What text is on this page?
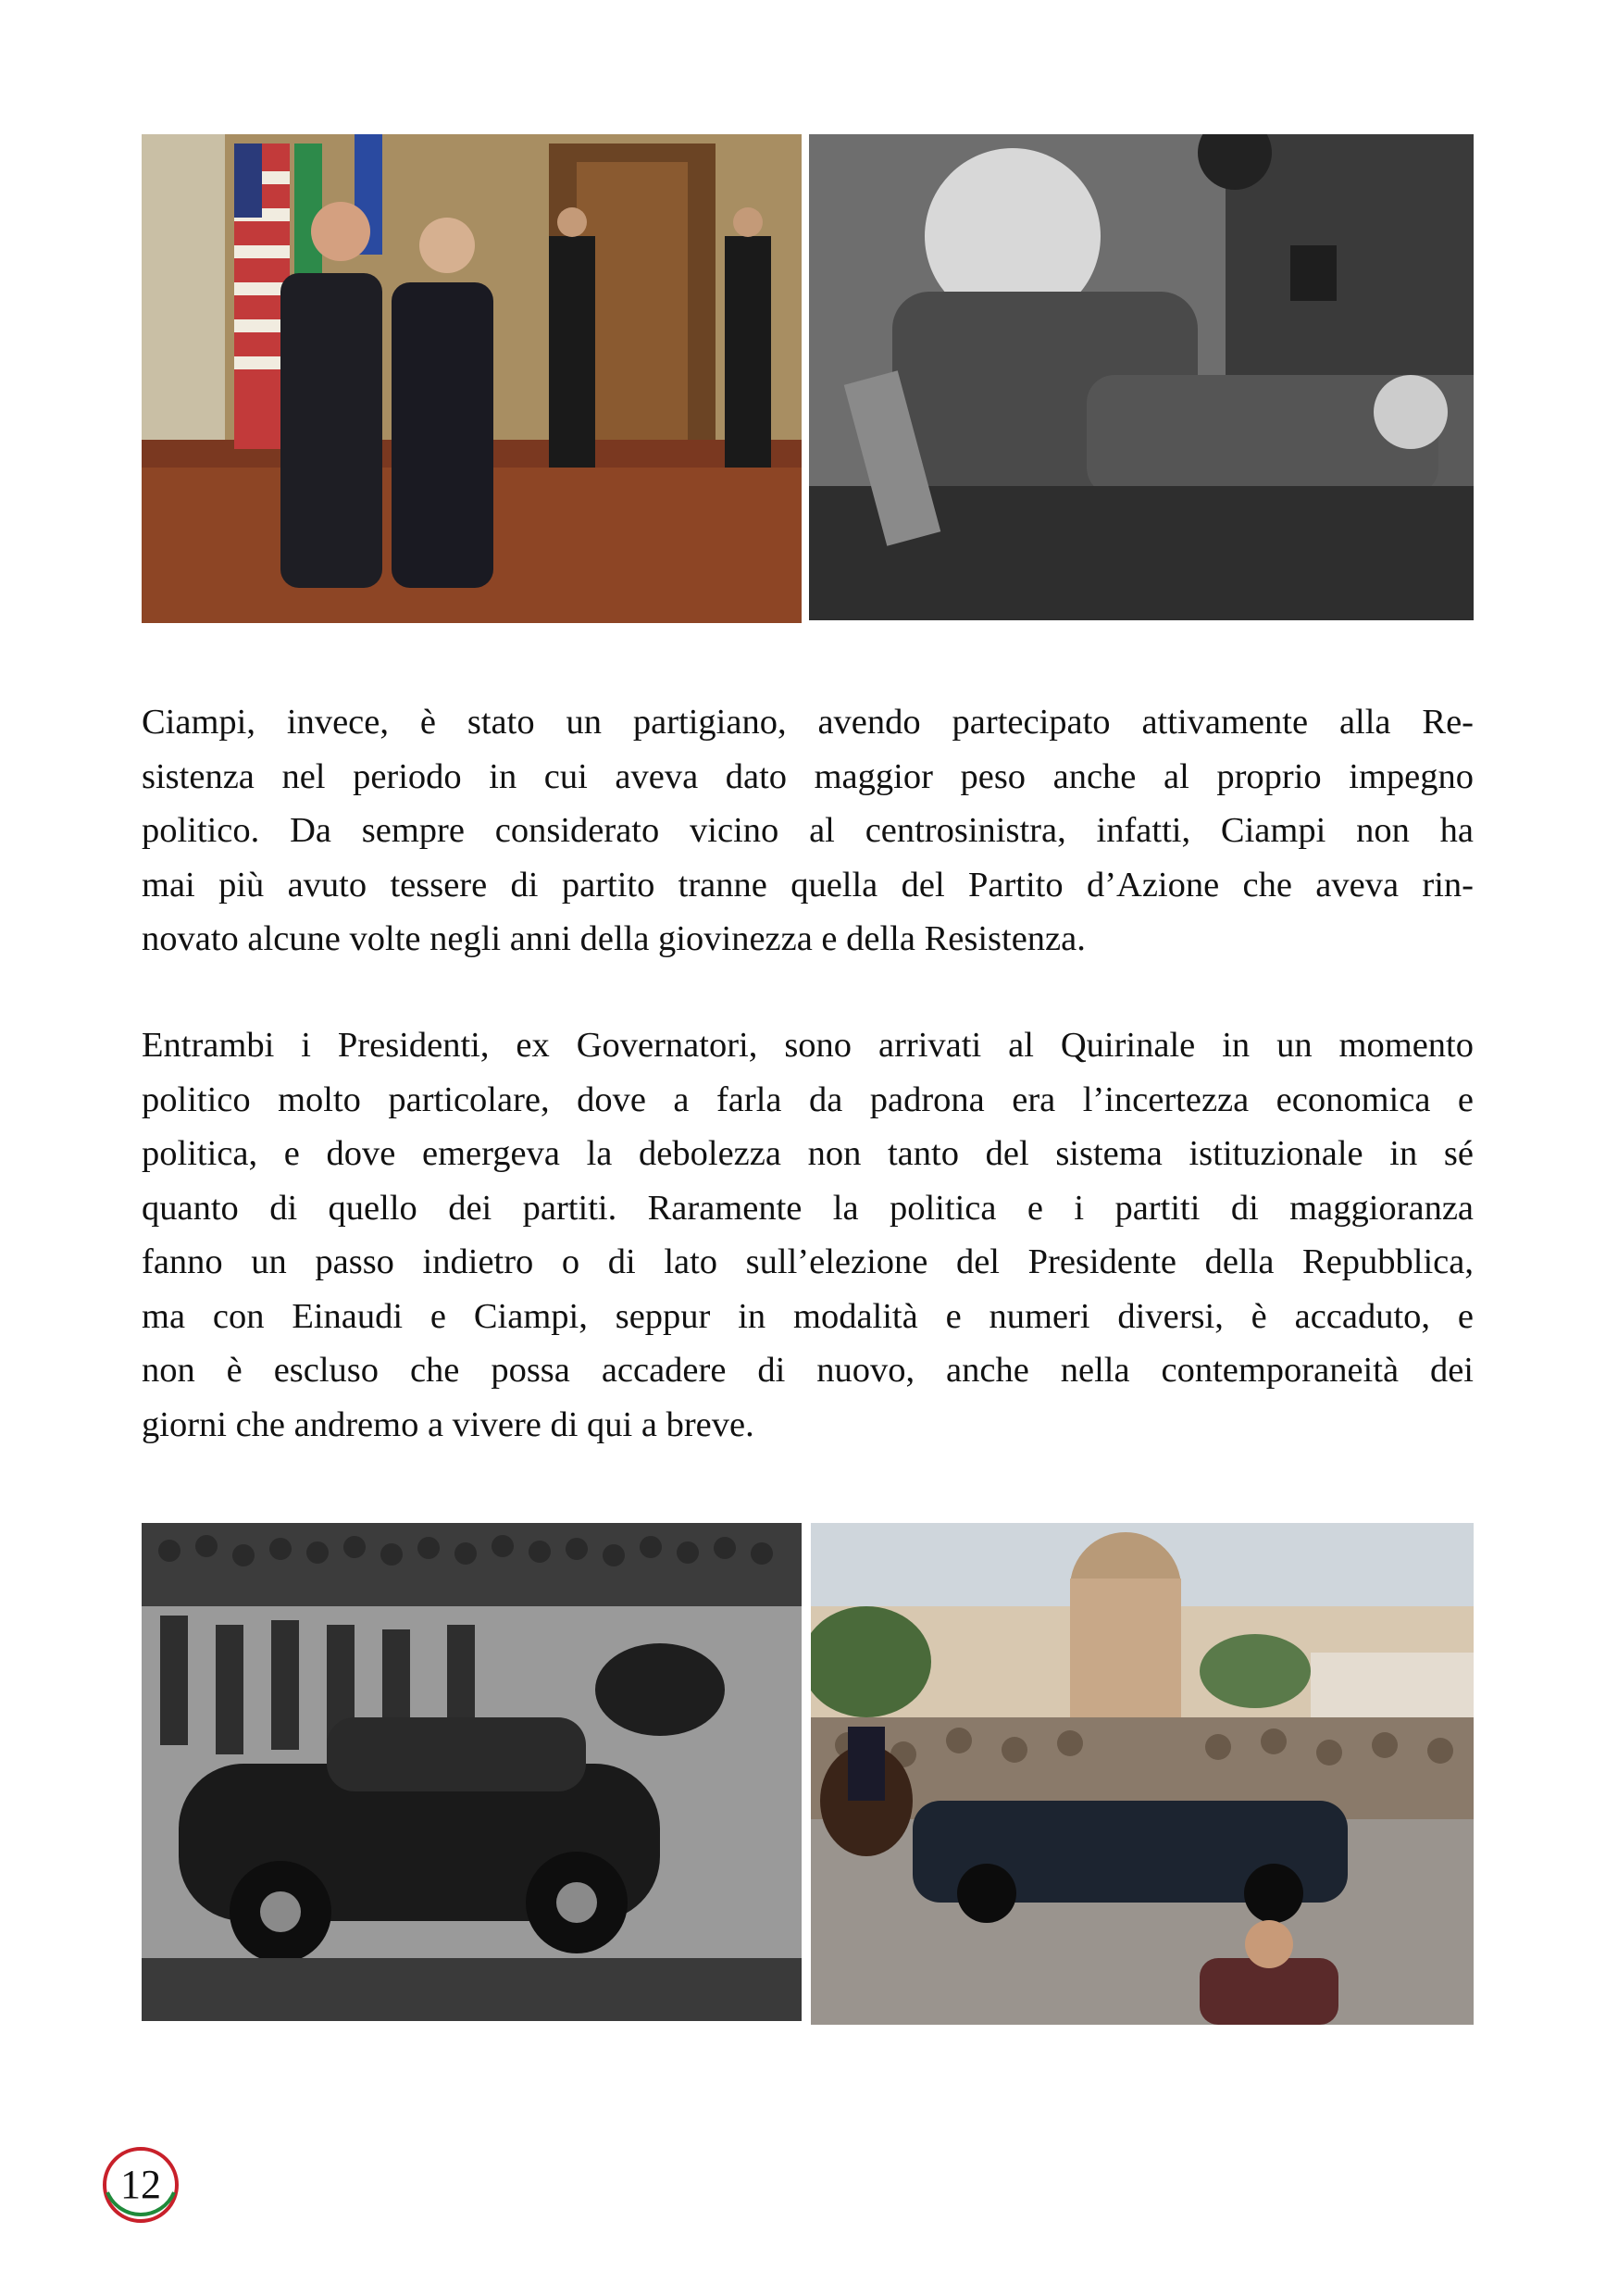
Ciampi, invece, è stato un partigiano, avendo partecipato attivamente alla Re-
sistenza nel periodo in cui aveva dato maggior peso anche al proprio impegno
politico. Da sempre considerato vicino al centrosinistra, infatti, Ciampi non ha
mai più avuto tessere di partito tranne quella del Partito d’Azione che aveva rin-
novato alcune volte negli anni della giovinezza e della Resistenza.

Entrambi i Presidenti, ex Governatori, sono arrivati al Quirinale in un momento
politico molto particolare, dove a farla da padrona era l’incertezza economica e
politica, e dove emergeva la debolezza non tanto del sistema istituzionale in sé
quanto di quello dei partiti. Raramente la politica e i partiti di maggioranza
fanno un passo indietro o di lato sull’elezione del Presidente della Repubblica,
ma con Einaudi e Ciampi, seppur in modalità e numeri diversi, è accaduto, e
non è escluso che possa accadere di nuovo, anche nella contemporaneità dei
giorni che andremo a vivere di qui a breve.

12
